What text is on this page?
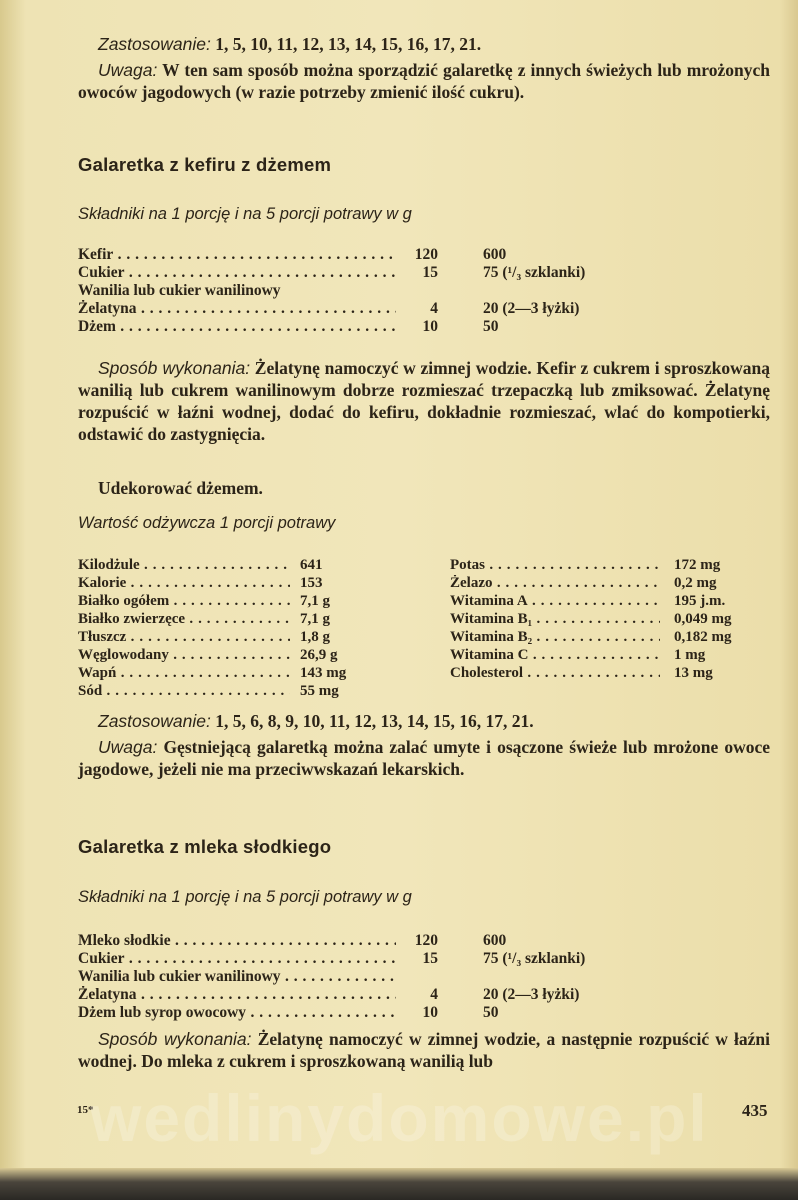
Zastosowanie: 1, 5, 10, 11, 12, 13, 14, 15, 16, 17, 21.
Uwaga: W ten sam sposób można sporządzić galaretkę z innych świeżych lub mrożonych owoców jagodowych (w razie potrzeby zmienić ilość cukru).
Galaretka z kefiru z dżemem
Składniki na 1 porcję i na 5 porcji potrawy w g
Kefir . . .	120	600
Cukier . . .	15	75 (¹/₃ szklanki)
Wanilia lub cukier wanilinowy
Żelatyna . . .	4	20 (2—3 łyżki)
Dżem . . .	10	50
Sposób wykonania: Żelatynę namoczyć w zimnej wodzie. Kefir z cukrem i sproszkowaną wanilią lub cukrem wanilinowym dobrze rozmieszać trzepaczką lub zmiksować. Żelatynę rozpuścić w łaźni wodnej, dodać do kefiru, dokładnie rozmieszać, wlać do kompotierki, odstawić do zastygnięcia.
Udekorować dżemem.
Wartość odżywcza 1 porcji potrawy
Kilodżule . . .	641
Kalorie . . .	153
Białko ogółem . . .	7,1 g
Białko zwierzęce . . .	7,1 g
Tłuszcz . . .	1,8 g
Węglowodany . . .	26,9 g
Wapń . . .	143 mg
Sód . . .	55 mg
Potas . . .	172 mg
Żelazo . . .	0,2 mg
Witamina A . . .	195 j.m.
Witamina B₁ . . .	0,049 mg
Witamina B₂ . . .	0,182 mg
Witamina C . . .	1 mg
Cholesterol . . .	13 mg
Zastosowanie: 1, 5, 6, 8, 9, 10, 11, 12, 13, 14, 15, 16, 17, 21.
Uwaga: Gęstniejącą galaretką można zalać umyte i osączone świeże lub mrożone owoce jagodowe, jeżeli nie ma przeciwwskazań lekarskich.
Galaretka z mleka słodkiego
Składniki na 1 porcję i na 5 porcji potrawy w g
Mleko słodkie . . .	120	600
Cukier . . .	15	75 (¹/₃ szklanki)
Wanilia lub cukier wanilinowy . . .
Żelatyna . . .	4	20 (2—3 łyżki)
Dżem lub syrop owocowy . . .	10	50
Sposób wykonania: Żelatynę namoczyć w zimnej wodzie, a następnie rozpuścić w łaźni wodnej. Do mleka z cukrem i sproszkowaną wanilią lub
15*	435
wedlinydomowe.pl
